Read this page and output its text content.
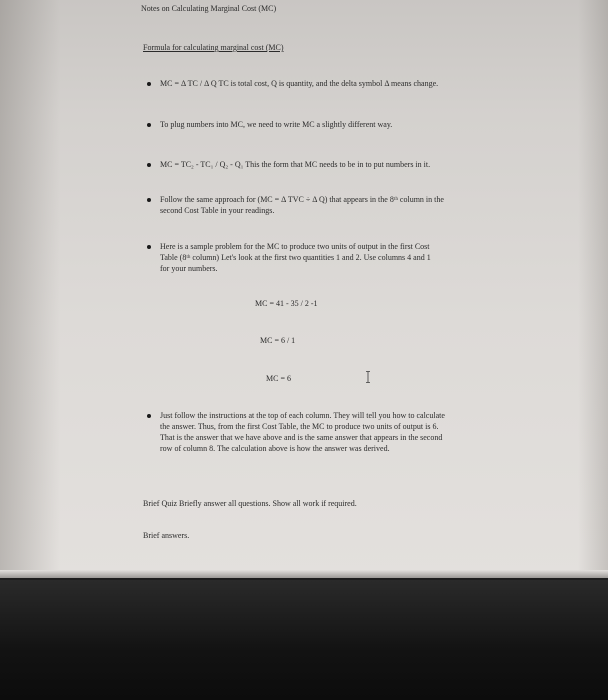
Notes on Calculating Marginal Cost (MC)
Formula for calculating marginal cost (MC)
MC = Δ TC / Δ Q TC is total cost, Q is quantity, and the delta symbol Δ means change.
To plug numbers into MC, we need to write MC a slightly different way.
MC = TC₂ - TC₁ / Q₂ - Q₁ This the form that MC needs to be in to put numbers in it.
Follow the same approach for (MC = Δ TVC ÷ Δ Q) that appears in the 8ᵗʰ column in the
second Cost Table in your readings.
Here is a sample problem for the MC to produce two units of output in the first Cost
Table (8ᵗʰ column) Let's look at the first two quantities 1 and 2. Use columns 4 and 1
for your numbers.
MC = 41 - 35 / 2 -1
MC = 6 / 1
MC = 6
Just follow the instructions at the top of each column. They will tell you how to calculate
the answer. Thus, from the first Cost Table, the MC to produce two units of output is 6.
That is the answer that we have above and is the same answer that appears in the second
row of column 8. The calculation above is how the answer was derived.
Brief Quiz Briefly answer all questions. Show all work if required.
Brief answers.
